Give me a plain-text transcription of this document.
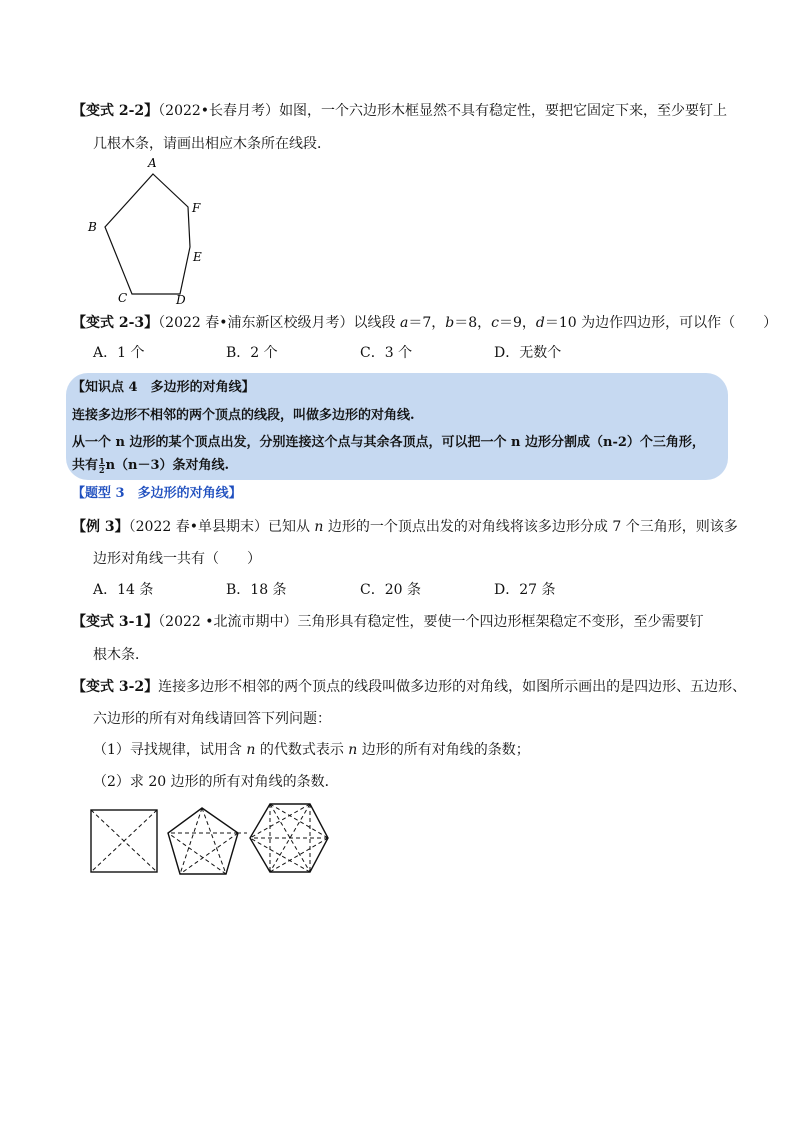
【变式 2-2】（2022•长春月考）如图，一个六边形木框显然不具有稳定性，要把它固定下来，至少要钉上
几根木条，请画出相应木条所在线段．
A
B
C	D
E
F
【变式 2-3】（2022 春•浦东新区校级月考）以线段 a＝7，b＝8，c＝9，d＝10 为边作四边形，可以作（　　）
A．1 个	B．2 个	C．3 个	D．无数个
【知识点 4　多边形的对角线】
连接多边形不相邻的两个顶点的线段，叫做多边形的对角线.
从一个 n 边形的某个顶点出发，分别连接这个点与其余各顶点，可以把一个 n 边形分割成（n-2）个三角形，
共有 $\frac{1}{2} n(n-3)$条对角线.
【题型 3　多边形的对角线】
【例 3】（2022 春•单县期末）已知从 n 边形的一个顶点出发的对角线将该多边形分成 7 个三角形，则该多
边形对角线一共有（　　）
A．14 条	B．18 条	C．20 条	D．27 条
【变式 3-1】（2022 •北流市期中）三角形具有稳定性，要使一个四边形框架稳定不变形，至少需要钉
根木条．
【变式 3-2】连接多边形不相邻的两个顶点的线段叫做多边形的对角线，如图所示画出的是四边形、五边形、
六边形的所有对角线请回答下列问题：
（1）寻找规律，试用含 n 的代数式表示 n 边形的所有对角线的条数；
（2）求 20 边形的所有对角线的条数．
